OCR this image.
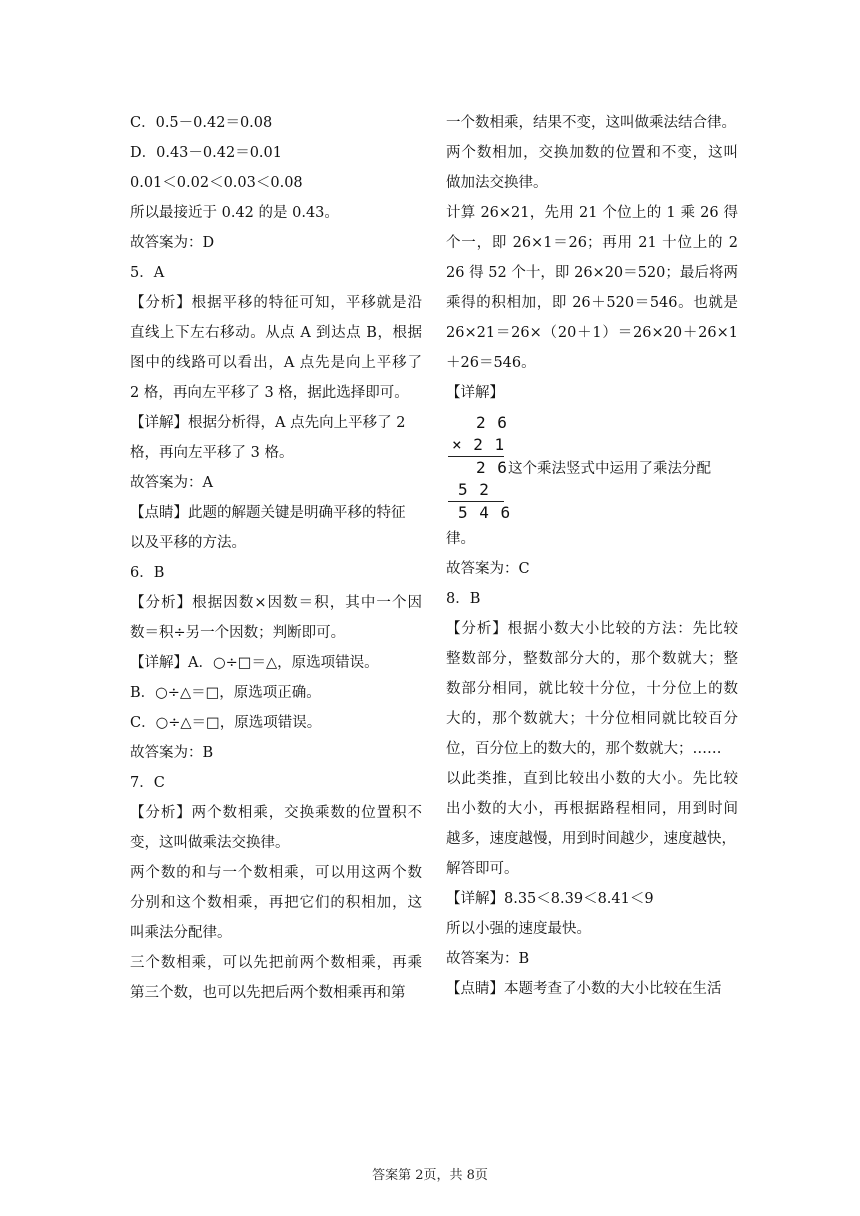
C．0.5－0.42＝0.08
D．0.43－0.42＝0.01
0.01＜0.02＜0.03＜0.08
所以最接近于 0.42 的是 0.43。
故答案为：D
5．A
【分析】根据平移的特征可知，平移就是沿
直线上下左右移动。从点 A 到达点 B，根据
图中的线路可以看出，A 点先是向上平移了
2 格，再向左平移了 3 格，据此选择即可。
【详解】根据分析得，A 点先向上平移了 2
格，再向左平移了 3 格。
故答案为：A
【点睛】此题的解题关键是明确平移的特征
以及平移的方法。
6．B
【分析】根据因数×因数＝积，其中一个因
数＝积÷另一个因数；判断即可。
【详解】A．○÷□＝△，原选项错误。
B．○÷△＝□，原选项正确。
C．○÷△＝□，原选项错误。
故答案为：B
7．C
【分析】两个数相乘，交换乘数的位置积不
变，这叫做乘法交换律。
两个数的和与一个数相乘，可以用这两个数
分别和这个数相乘，再把它们的积相加，这
叫乘法分配律。
三个数相乘，可以先把前两个数相乘，再乘
第三个数，也可以先把后两个数相乘再和第
一个数相乘，结果不变，这叫做乘法结合律。
两个数相加，交换加数的位置和不变，这叫
做加法交换律。
计算 26×21，先用 21 个位上的 1 乘 26 得
个一，即 26×1＝26；再用 21 十位上的 2
26 得 52 个十，即 26×20＝520；最后将两
乘得的积相加，即 26＋520＝546。也就是
26×21＝26×（20＋1）＝26×20＋26×1
＋26＝546。
【详解】
2 6
× 2 1
2 6
5 2
5 4 6
这个乘法竖式中运用了乘法分配
律。
故答案为：C
8．B
【分析】根据小数大小比较的方法：先比较
整数部分，整数部分大的，那个数就大；整
数部分相同，就比较十分位，十分位上的数
大的，那个数就大；十分位相同就比较百分
位，百分位上的数大的，那个数就大；……
以此类推，直到比较出小数的大小。先比较
出小数的大小，再根据路程相同，用到时间
越多，速度越慢，用到时间越少，速度越快，
解答即可。
【详解】8.35＜8.39＜8.41＜9
所以小强的速度最快。
故答案为：B
【点睛】本题考查了小数的大小比较在生活
答案第 2页，共 8页
